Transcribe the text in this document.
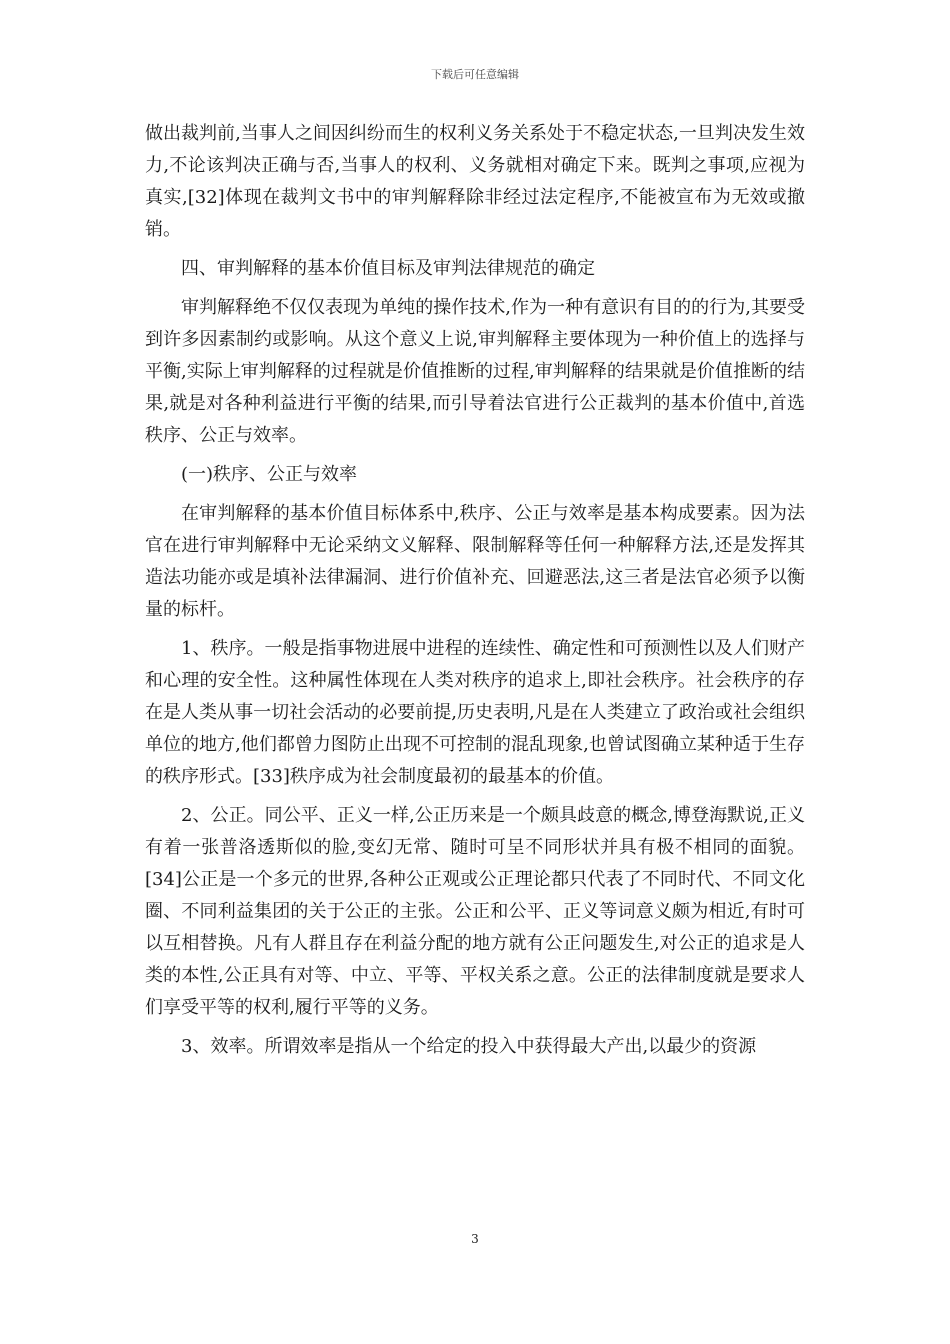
下载后可任意编辑

做出裁判前,当事人之间因纠纷而生的权利义务关系处于不稳定状态,一旦判决发生效力,不论该判决正确与否,当事人的权利、义务就相对确定下来。既判之事项,应视为真实,[32]体现在裁判文书中的审判解释除非经过法定程序,不能被宣布为无效或撤销。

四、审判解释的基本价值目标及审判法律规范的确定

审判解释绝不仅仅表现为单纯的操作技术,作为一种有意识有目的的行为,其要受到许多因素制约或影响。从这个意义上说,审判解释主要体现为一种价值上的选择与平衡,实际上审判解释的过程就是价值推断的过程,审判解释的结果就是价值推断的结果,就是对各种利益进行平衡的结果,而引导着法官进行公正裁判的基本价值中,首选秩序、公正与效率。

(一)秩序、公正与效率

在审判解释的基本价值目标体系中,秩序、公正与效率是基本构成要素。因为法官在进行审判解释中无论采纳文义解释、限制解释等任何一种解释方法,还是发挥其造法功能亦或是填补法律漏洞、进行价值补充、回避恶法,这三者是法官必须予以衡量的标杆。

1、秩序。一般是指事物进展中进程的连续性、确定性和可预测性以及人们财产和心理的安全性。这种属性体现在人类对秩序的追求上,即社会秩序。社会秩序的存在是人类从事一切社会活动的必要前提,历史表明,凡是在人类建立了政治或社会组织单位的地方,他们都曾力图防止出现不可控制的混乱现象,也曾试图确立某种适于生存的秩序形式。[33]秩序成为社会制度最初的最基本的价值。

2、公正。同公平、正义一样,公正历来是一个颇具歧意的概念,博登海默说,正义有着一张普洛透斯似的脸,变幻无常、随时可呈不同形状并具有极不相同的面貌。[34]公正是一个多元的世界,各种公正观或公正理论都只代表了不同时代、不同文化圈、不同利益集团的关于公正的主张。公正和公平、正义等词意义颇为相近,有时可以互相替换。凡有人群且存在利益分配的地方就有公正问题发生,对公正的追求是人类的本性,公正具有对等、中立、平等、平权关系之意。公正的法律制度就是要求人们享受平等的权利,履行平等的义务。

3、效率。所谓效率是指从一个给定的投入中获得最大产出,以最少的资源

3
